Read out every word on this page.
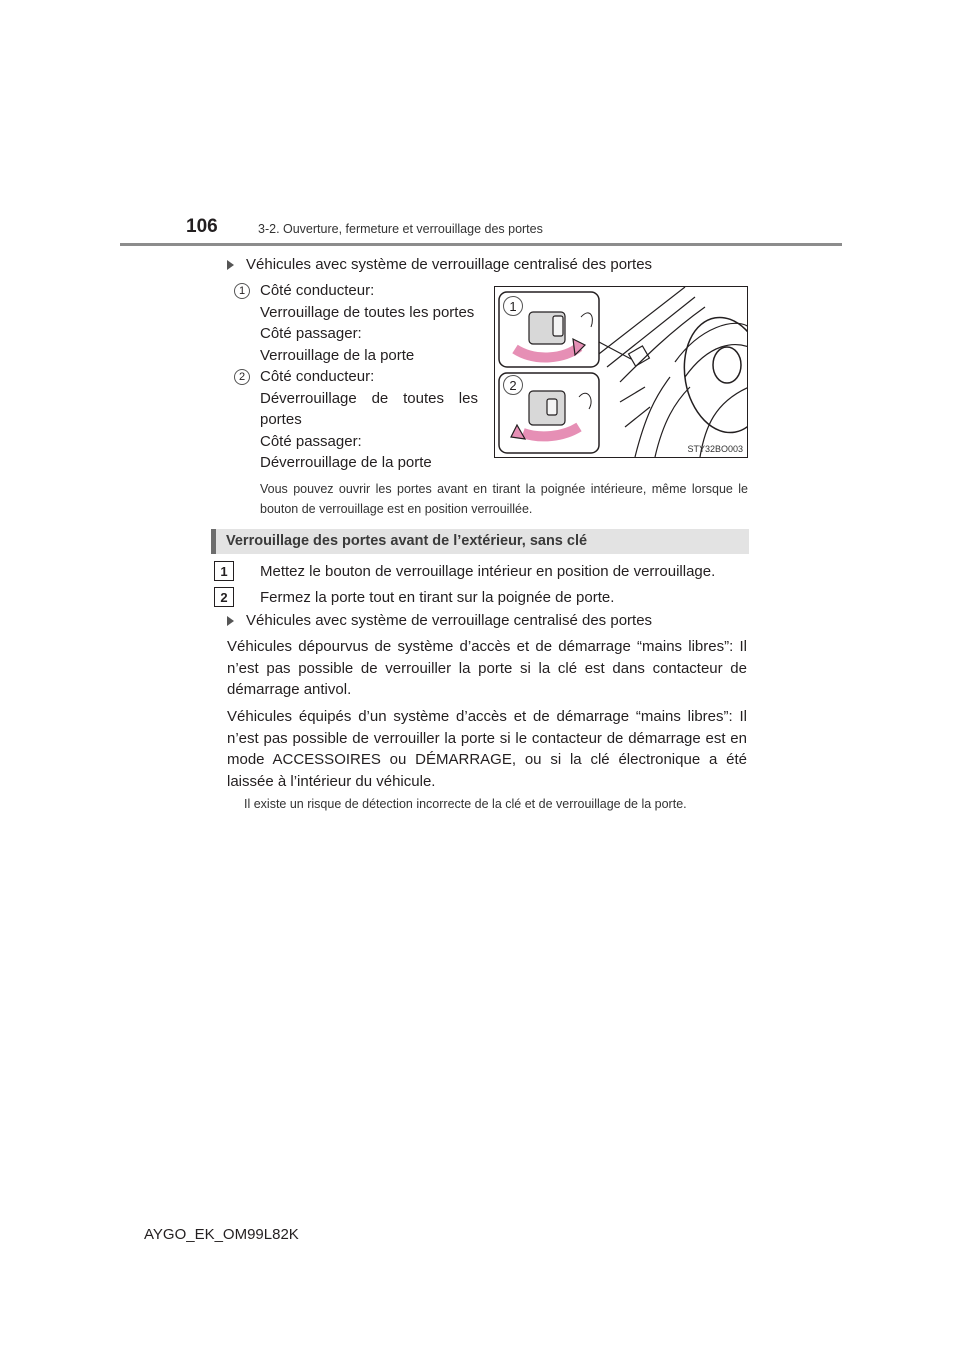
106	3-2. Ouverture, fermeture et verrouillage des portes
Véhicules avec système de verrouillage centralisé des portes
1 Côté conducteur:
Verrouillage de toutes les portes
Côté passager:
Verrouillage de la porte
2 Côté conducteur:
Déverrouillage de toutes les
portes
Côté passager:
Déverrouillage de la porte
1
2
STY32BO003
Vous pouvez ouvrir les portes avant en tirant la poignée intérieure, même lorsque le bouton de verrouillage est en position verrouillée.
Verrouillage des portes avant de l’extérieur, sans clé
1	Mettez le bouton de verrouillage intérieur en position de verrouillage.
2	Fermez la porte tout en tirant sur la poignée de porte.
Véhicules avec système de verrouillage centralisé des portes
Véhicules dépourvus de système d’accès et de démarrage “mains libres”: Il n’est pas possible de verrouiller la porte si la clé est dans contacteur de démarrage antivol.
Véhicules équipés d’un système d’accès et de démarrage “mains libres”: Il n’est pas possible de verrouiller la porte si le contacteur de démarrage est en mode ACCESSOIRES ou DÉMARRAGE, ou si la clé électronique a été laissée à l’intérieur du véhicule.
Il existe un risque de détection incorrecte de la clé et de verrouillage de la porte.
AYGO_EK_OM99L82K
